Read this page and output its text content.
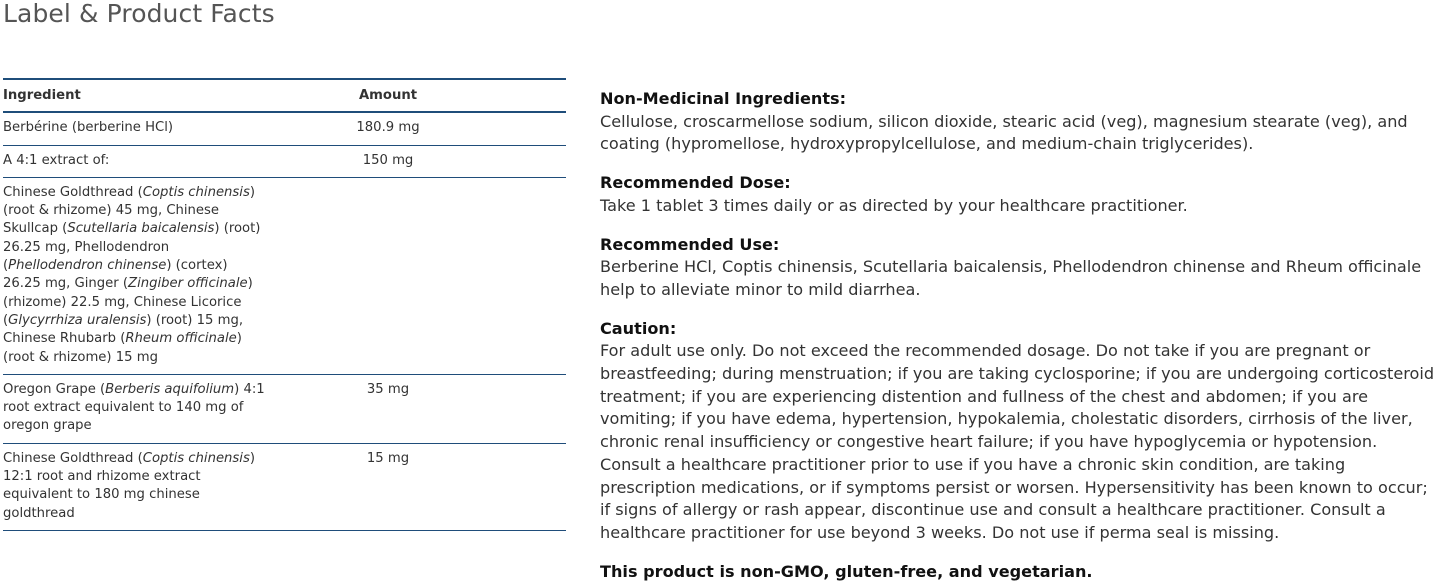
Label & Product Facts
Ingredient	Amount	
Berbérine (berberine HCl)	180.9 mg	
A 4:1 extract of:	150 mg	
Chinese Goldthread (Coptis chinensis) (root & rhizome) 45 mg, Chinese Skullcap (Scutellaria baicalensis) (root) 26.25 mg, Phellodendron (Phellodendron chinense) (cortex) 26.25 mg, Ginger (Zingiber officinale) (rhizome) 22.5 mg, Chinese Licorice (Glycyrrhiza uralensis) (root) 15 mg, Chinese Rhubarb (Rheum officinale) (root & rhizome) 15 mg		
Oregon Grape (Berberis aquifolium) 4:1 root extract equivalent to 140 mg of oregon grape	35 mg	
Chinese Goldthread (Coptis chinensis) 12:1 root and rhizome extract equivalent to 180 mg chinese goldthread	15 mg	
Non-Medicinal Ingredients:
Cellulose, croscarmellose sodium, silicon dioxide, stearic acid (veg), magnesium stearate (veg), and coating (hypromellose, hydroxypropylcellulose, and medium-chain triglycerides).
Recommended Dose:
Take 1 tablet 3 times daily or as directed by your healthcare practitioner.
Recommended Use:
Berberine HCl, Coptis chinensis, Scutellaria baicalensis, Phellodendron chinense and Rheum officinale help to alleviate minor to mild diarrhea.
Caution:
For adult use only. Do not exceed the recommended dosage. Do not take if you are pregnant or breastfeeding; during menstruation; if you are taking cyclosporine; if you are undergoing corticosteroid treatment; if you are experiencing distention and fullness of the chest and abdomen; if you are vomiting; if you have edema, hypertension, hypokalemia, cholestatic disorders, cirrhosis of the liver, chronic renal insufficiency or congestive heart failure; if you have hypoglycemia or hypotension. Consult a healthcare practitioner prior to use if you have a chronic skin condition, are taking prescription medications, or if symptoms persist or worsen. Hypersensitivity has been known to occur; if signs of allergy or rash appear, discontinue use and consult a healthcare practitioner. Consult a healthcare practitioner for use beyond 3 weeks. Do not use if perma seal is missing.

This product is non-GMO, gluten-free, and vegetarian.
